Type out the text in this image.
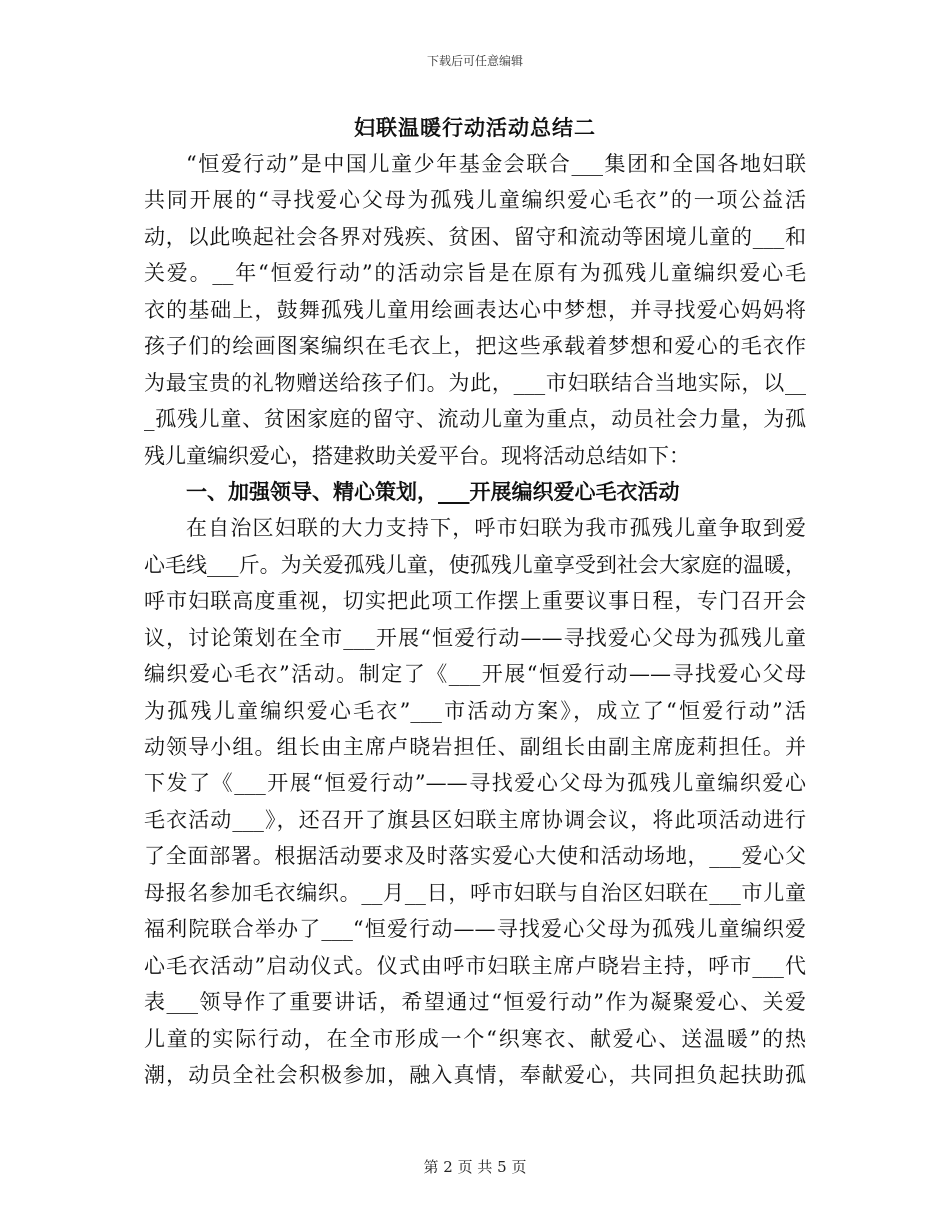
下载后可任意编辑
妇联温暖行动活动总结二
“恒爱行动”是中国儿童少年基金会联合___集团和全国各地妇联
共同开展的“寻找爱心父母为孤残儿童编织爱心毛衣”的一项公益活
动，以此唤起社会各界对残疾、贫困、留守和流动等困境儿童的___和
关爱。__年“恒爱行动”的活动宗旨是在原有为孤残儿童编织爱心毛
衣的基础上，鼓舞孤残儿童用绘画表达心中梦想，并寻找爱心妈妈将
孩子们的绘画图案编织在毛衣上，把这些承载着梦想和爱心的毛衣作
为最宝贵的礼物赠送给孩子们。为此，___市妇联结合当地实际，以__
_孤残儿童、贫困家庭的留守、流动儿童为重点，动员社会力量，为孤
残儿童编织爱心，搭建救助关爱平台。现将活动总结如下：
一、加强领导、精心策划，___开展编织爱心毛衣活动
在自治区妇联的大力支持下，呼市妇联为我市孤残儿童争取到爱
心毛线___斤。为关爱孤残儿童，使孤残儿童享受到社会大家庭的温暖，
呼市妇联高度重视，切实把此项工作摆上重要议事日程，专门召开会
议，讨论策划在全市___开展“恒爱行动——寻找爱心父母为孤残儿童
编织爱心毛衣”活动。制定了《___开展“恒爱行动——寻找爱心父母
为孤残儿童编织爱心毛衣”___市活动方案》，成立了“恒爱行动”活
动领导小组。组长由主席卢晓岩担任、副组长由副主席庞莉担任。并
下发了《___开展“恒爱行动”——寻找爱心父母为孤残儿童编织爱心
毛衣活动___》，还召开了旗县区妇联主席协调会议，将此项活动进行
了全面部署。根据活动要求及时落实爱心大使和活动场地，___爱心父
母报名参加毛衣编织。__月__日，呼市妇联与自治区妇联在___市儿童
福利院联合举办了___“恒爱行动——寻找爱心父母为孤残儿童编织爱
心毛衣活动”启动仪式。仪式由呼市妇联主席卢晓岩主持，呼市___代
表___领导作了重要讲话，希望通过“恒爱行动”作为凝聚爱心、关爱
儿童的实际行动，在全市形成一个“织寒衣、献爱心、送温暖”的热
潮，动员全社会积极参加，融入真情，奉献爱心，共同担负起扶助孤
第 2 页 共 5 页
